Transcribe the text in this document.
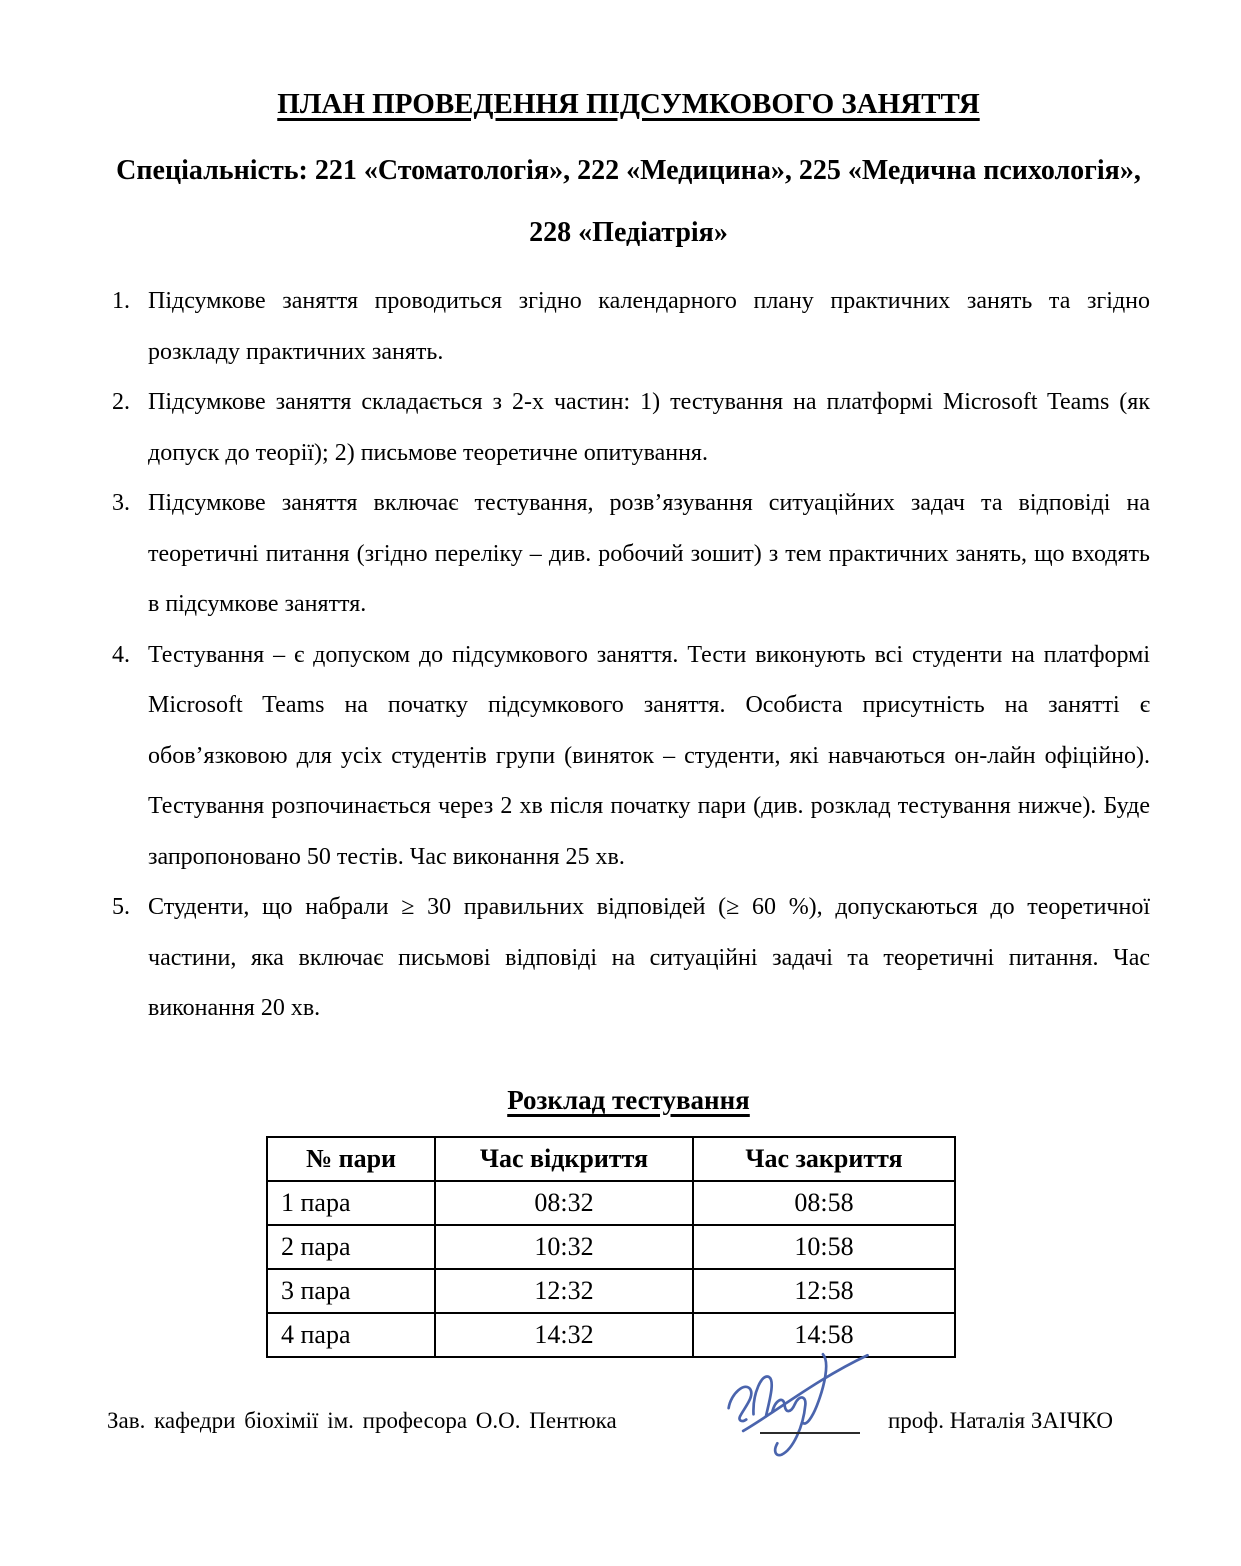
ПЛАН ПРОВЕДЕННЯ ПІДСУМКОВОГО ЗАНЯТТЯ
Спеціальність: 221 «Стоматологія», 222 «Медицина», 225 «Медична психологія», 228 «Педіатрія»
1. Підсумкове заняття проводиться згідно календарного плану практичних занять та згідно розкладу практичних занять.
2. Підсумкове заняття складається з 2-х частин: 1) тестування на платформі Microsoft Teams (як допуск до теорії); 2) письмове теоретичне опитування.
3. Підсумкове заняття включає тестування, розв’язування ситуаційних задач та відповіді на теоретичні питання (згідно переліку – див. робочий зошит) з тем практичних занять, що входять в підсумкове заняття.
4. Тестування – є допуском до підсумкового заняття. Тести виконують всі студенти на платформі Microsoft Teams на початку підсумкового заняття. Особиста присутність на занятті є обов’язковою для усіх студентів групи (виняток – студенти, які навчаються он-лайн офіційно). Тестування розпочинається через 2 хв після початку пари (див. розклад тестування нижче). Буде запропоновано 50 тестів. Час виконання 25 хв.
5. Студенти, що набрали ≥ 30 правильних відповідей (≥ 60 %), допускаються до теоретичної частини, яка включає письмові відповіді на ситуаційні задачі та теоретичні питання. Час виконання 20 хв.
Розклад тестування
№ пари	Час відкриття	Час закриття
1 пара	08:32	08:58
2 пара	10:32	10:58
3 пара	12:32	12:58
4 пара	14:32	14:58
Зав. кафедри біохімії ім. професора О.О. Пентюка	проф. Наталія ЗАІЧКО
